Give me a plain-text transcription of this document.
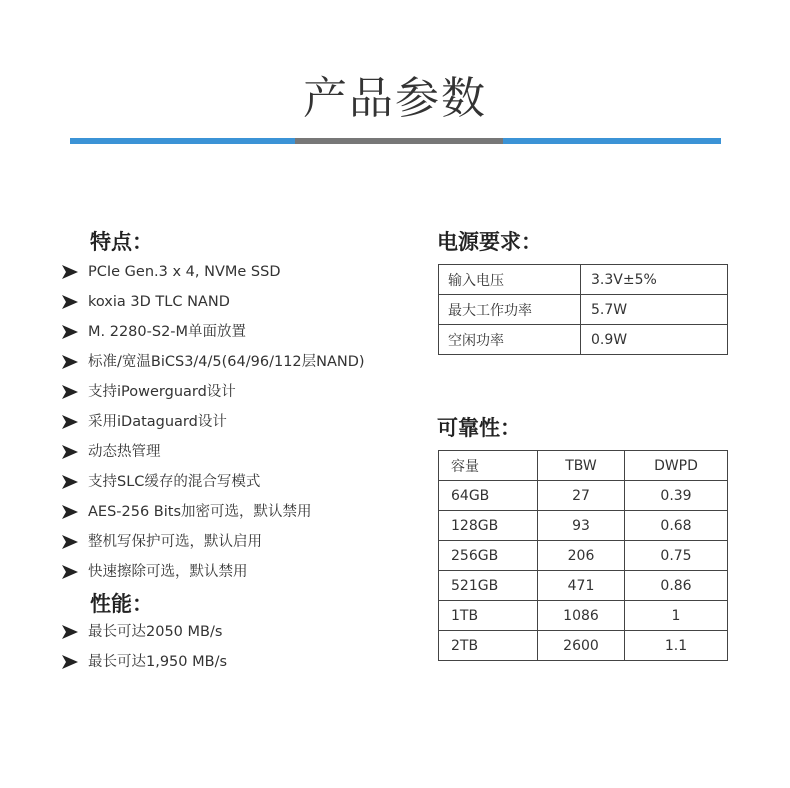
产品参数
特点：
PCIe Gen.3 x 4, NVMe SSD
koxia 3D TLC NAND
M. 2280-S2-M单面放置
标准/宽温BiCS3/4/5(64/96/112层NAND)
支持iPowerguard设计
采用iDataguard设计
动态热管理
支持SLC缓存的混合写模式
AES-256 Bits加密可选，默认禁用
整机写保护可选，默认启用
快速擦除可选，默认禁用
性能：
最长可达2050 MB/s
最长可达1,950 MB/s
电源要求：
输入电压	3.3V±5%
最大工作功率	5.7W
空闲功率	0.9W
可靠性：
容量	TBW	DWPD
64GB	27	0.39
128GB	93	0.68
256GB	206	0.75
521GB	471	0.86
1TB	1086	1
2TB	2600	1.1
